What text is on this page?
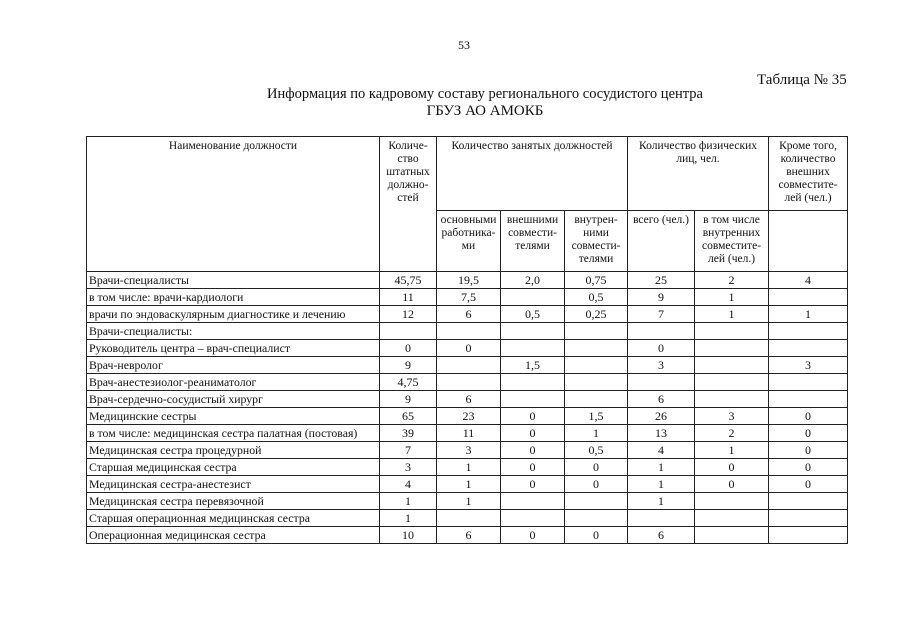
53
Таблица № 35
Информация по кадровому составу регионального сосудистого центра
ГБУЗ АО АМОКБ
Наименование должности	Количе-ство штатных должно-стей	Количество занятых должностей			Количество физических лиц, чел.		Кроме того, количество внешних совместите-лей (чел.)
		основными работника-ми	внешними совмести-телями	внутрен-ними совмести-телями	всего (чел.)	в том числе внутренних совместите-лей (чел.)	
Врачи-специалисты	45,75	19,5	2,0	0,75	25	2	4
в том числе: врачи-кардиологи	11	7,5		0,5	9	1	
врачи по эндоваскулярным диагностике и лечению	12	6	0,5	0,25	7	1	1
Врачи-специалисты:							
Руководитель центра – врач-специалист	0	0			0		
Врач-невролог	9		1,5		3		3
Врач-анестезиолог-реаниматолог	4,75						
Врач-сердечно-сосудистый хирург	9	6			6		
Медицинские сестры	65	23	0	1,5	26	3	0
в том числе: медицинская сестра палатная (постовая)	39	11	0	1	13	2	0
Медицинская сестра процедурной	7	3	0	0,5	4	1	0
Старшая медицинская сестра	3	1	0	0	1	0	0
Медицинская сестра-анестезист	4	1	0	0	1	0	0
Медицинская сестра перевязочной	1	1			1		
Старшая операционная медицинская сестра	1						
Операционная медицинская сестра	10	6	0	0	6		
